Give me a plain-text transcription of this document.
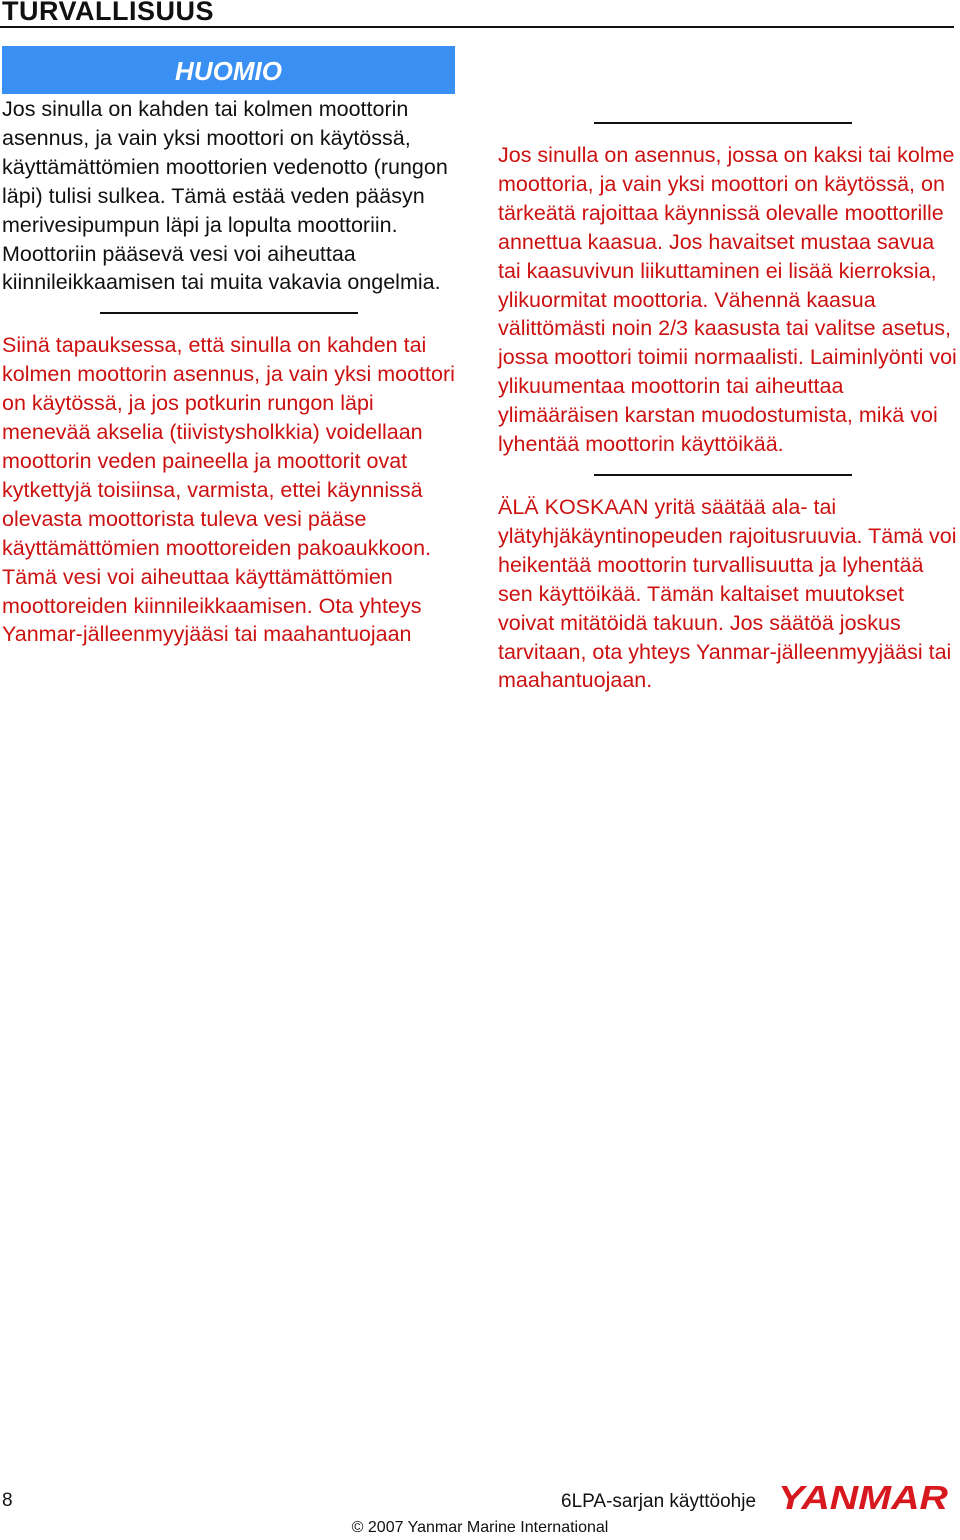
TURVALLISUUS
HUOMIO

Jos sinulla on kahden tai kolmen moottorin asennus, ja vain yksi moottori on käytössä, käyttämättömien moottorien vedenotto (rungon läpi) tulisi sulkea. Tämä estää veden pääsyn merivesipumpun läpi ja lopulta moottoriin. Moottoriin pääsevä vesi voi aiheuttaa kiinnileikkaamisen tai muita vakavia ongelmia.

Siinä tapauksessa, että sinulla on kahden tai kolmen moottorin asennus, ja vain yksi moottori on käytössä, ja jos potkurin rungon läpi menevää akselia (tiivistysholkkia) voidellaan moottorin veden paineella ja moottorit ovat kytkettyjä toisiinsa, varmista, ettei käynnissä olevasta moottorista tuleva vesi pääse käyttämättömien moottoreiden pakoaukkoon. Tämä vesi voi aiheuttaa käyttämättömien moottoreiden kiinnileikkaamisen. Ota yhteys Yanmar-jälleenmyyjääsi tai maahantuojaan

Jos sinulla on asennus, jossa on kaksi tai kolme moottoria, ja vain yksi moottori on käytössä, on tärkeätä rajoittaa käynnissä olevalle moottorille annettua kaasua. Jos havaitset mustaa savua tai kaasuvivun liikuttaminen ei lisää kierroksia, ylikuormitat moottoria. Vähennä kaasua välittömästi noin 2/3 kaasusta tai valitse asetus, jossa moottori toimii normaalisti. Laiminlyönti voi ylikuumentaa moottorin tai aiheuttaa ylimääräisen karstan muodostumista, mikä voi lyhentää moottorin käyttöikää.

ÄLÄ KOSKAAN yritä säätää ala- tai ylätyhjäkäyntinopeuden rajoitusruuvia. Tämä voi heikentää moottorin turvallisuutta ja lyhentää sen käyttöikää. Tämän kaltaiset muutokset voivat mitätöidä takuun. Jos säätöä joskus tarvitaan, ota yhteys Yanmar-jälleenmyyjääsi tai maahantuojaan.

8	6LPA-sarjan käyttöohje YANMAR
© 2007 Yanmar Marine International
